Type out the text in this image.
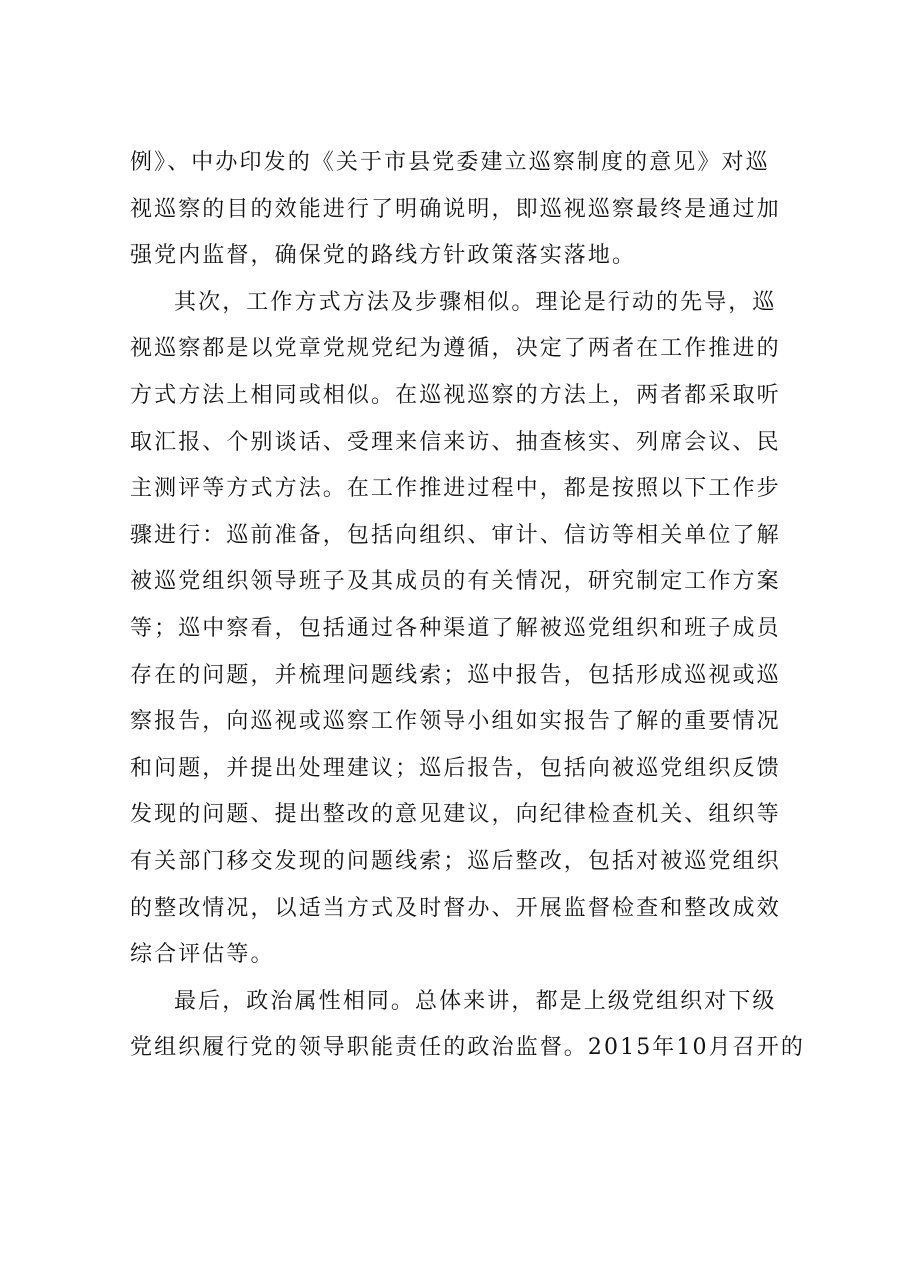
例》、中办印发的《关于市县党委建立巡察制度的意见》对巡
视巡察的目的效能进行了明确说明，即巡视巡察最终是通过加
强党内监督，确保党的路线方针政策落实落地。
其次，工作方式方法及步骤相似。理论是行动的先导，巡
视巡察都是以党章党规党纪为遵循，决定了两者在工作推进的
方式方法上相同或相似。在巡视巡察的方法上，两者都采取听
取汇报、个别谈话、受理来信来访、抽查核实、列席会议、民
主测评等方式方法。在工作推进过程中，都是按照以下工作步
骤进行：巡前准备，包括向组织、审计、信访等相关单位了解
被巡党组织领导班子及其成员的有关情况，研究制定工作方案
等；巡中察看，包括通过各种渠道了解被巡党组织和班子成员
存在的问题，并梳理问题线索；巡中报告，包括形成巡视或巡
察报告，向巡视或巡察工作领导小组如实报告了解的重要情况
和问题，并提出处理建议；巡后报告，包括向被巡党组织反馈
发现的问题、提出整改的意见建议，向纪律检查机关、组织等
有关部门移交发现的问题线索；巡后整改，包括对被巡党组织
的整改情况，以适当方式及时督办、开展监督检查和整改成效
综合评估等。
最后，政治属性相同。总体来讲，都是上级党组织对下级
党组织履行党的领导职能责任的政治监督。2015年10月召开的
